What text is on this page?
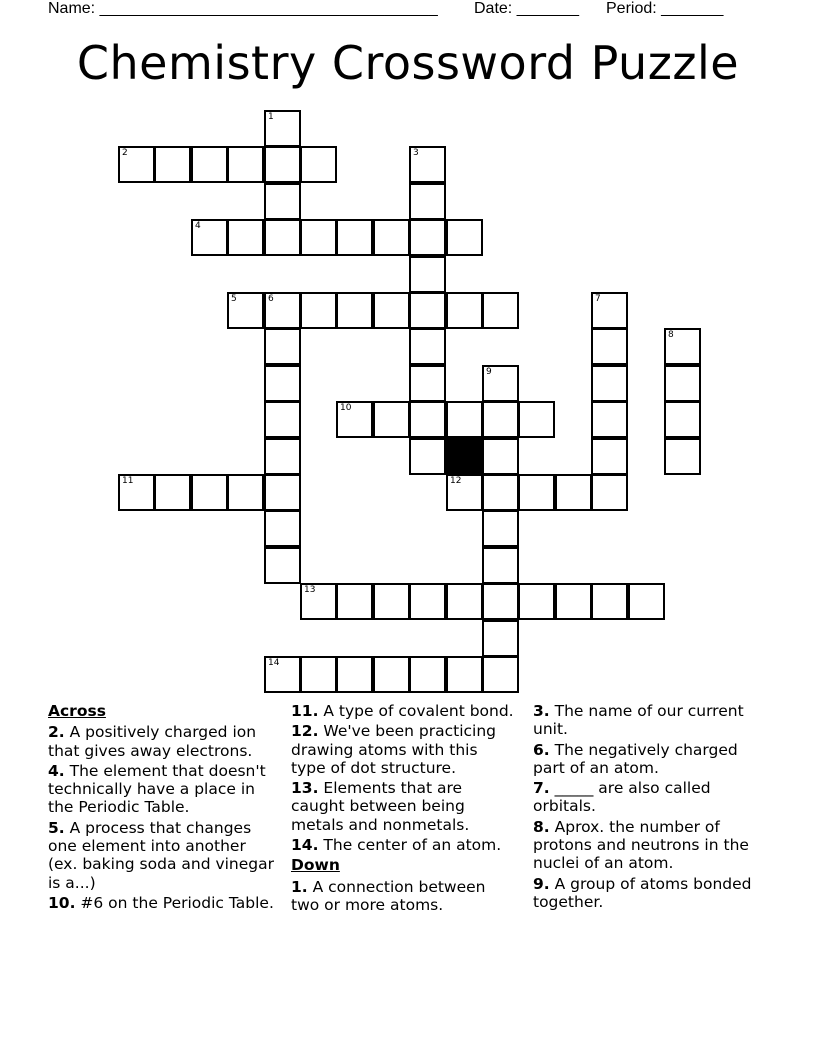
Name: ______________________________________ Date: _______ Period: _______
Chemistry Crossword Puzzle
1
2	3
4
5	6	7
8
9
10
11	12
13
14
Across
2. A positively charged ion that gives away electrons.
4. The element that doesn't technically have a place in the Periodic Table.
5. A process that changes one element into another (ex. baking soda and vinegar is a...)
10. #6 on the Periodic Table.
11. A type of covalent bond.
12. We've been practicing drawing atoms with this type of dot structure.
13. Elements that are caught between being metals and nonmetals.
14. The center of an atom.
Down
1. A connection between two or more atoms.
3. The name of our current unit.
6. The negatively charged part of an atom.
7. _____ are also called orbitals.
8. Aprox. the number of protons and neutrons in the nuclei of an atom.
9. A group of atoms bonded together.
